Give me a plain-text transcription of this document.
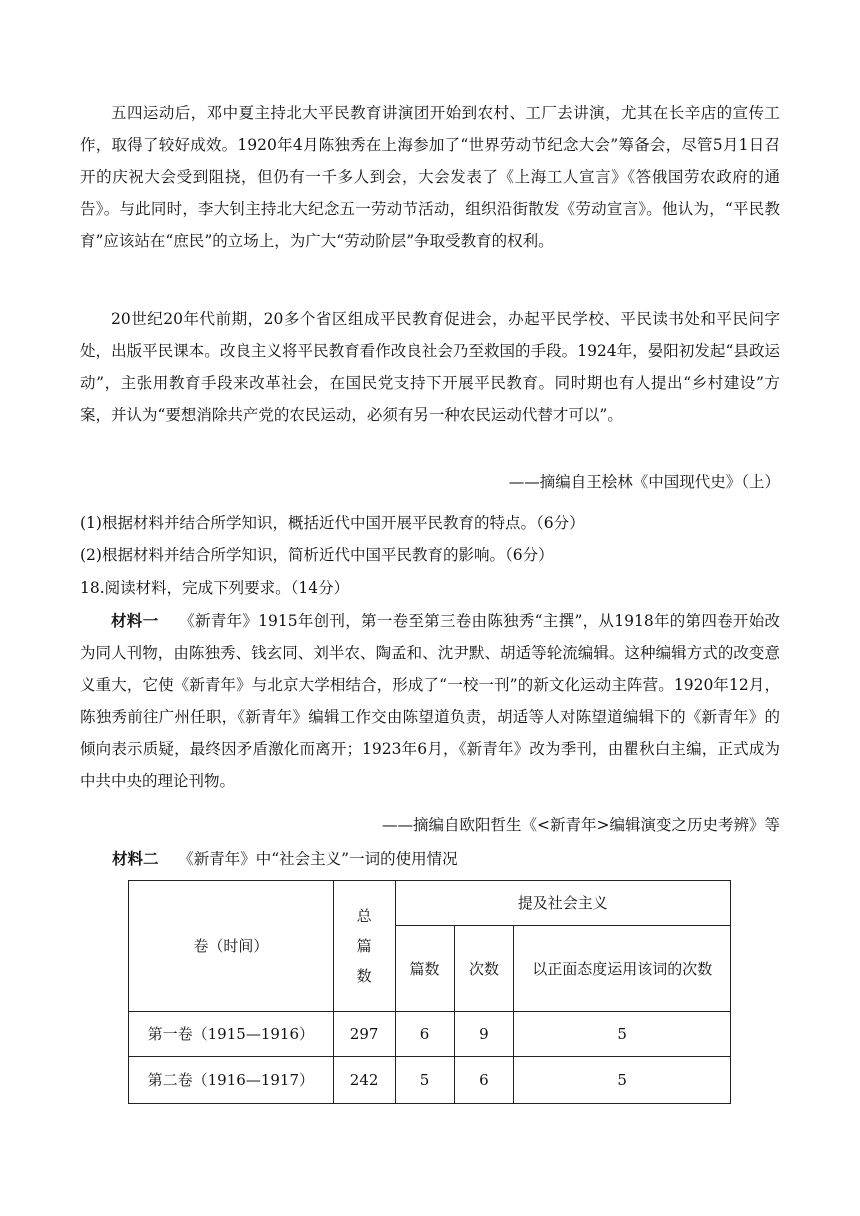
五四运动后，邓中夏主持北大平民教育讲演团开始到农村、工厂去讲演，尤其在长辛店的宣传工作，取得了较好成效。1920年4月陈独秀在上海参加了“世界劳动节纪念大会”筹备会，尽管5月1日召开的庆祝大会受到阻挠，但仍有一千多人到会，大会发表了《上海工人宣言》《答俄国劳农政府的通告》。与此同时，李大钊主持北大纪念五一劳动节活动，组织沿街散发《劳动宣言》。他认为，“平民教育”应该站在“庶民”的立场上，为广大“劳动阶层”争取受教育的权利。

20世纪20年代前期，20多个省区组成平民教育促进会，办起平民学校、平民读书处和平民问字处，出版平民课本。改良主义将平民教育看作改良社会乃至救国的手段。1924年，晏阳初发起“县政运动”，主张用教育手段来改革社会，在国民党支持下开展平民教育。同时期也有人提出“乡村建设”方案，并认为“要想消除共产党的农民运动，必须有另一种农民运动代替才可以”。

——摘编自王桧林《中国现代史》（上）

(1)根据材料并结合所学知识，概括近代中国开展平民教育的特点。（6分）

(2)根据材料并结合所学知识，简析近代中国平民教育的影响。（6分）

18.阅读材料，完成下列要求。（14分）

材料一 《新青年》1915年创刊，第一卷至第三卷由陈独秀“主撰”，从1918年的第四卷开始改为同人刊物，由陈独秀、钱玄同、刘半农、陶孟和、沈尹默、胡适等轮流编辑。这种编辑方式的改变意义重大，它使《新青年》与北京大学相结合，形成了“一校一刊”的新文化运动主阵营。1920年12月，陈独秀前往广州任职，《新青年》编辑工作交由陈望道负责，胡适等人对陈望道编辑下的《新青年》的倾向表示质疑，最终因矛盾激化而离开；1923年6月，《新青年》改为季刊，由瞿秋白主编，正式成为中共中央的理论刊物。

——摘编自欧阳哲生《<新青年>编辑演变之历史考辨》等

材料二 《新青年》中“社会主义”一词的使用情况

卷（时间）	总篇数	提及社会主义		
		篇数	次数	以正面态度运用该词的次数
第一卷（1915—1916）	297	6	9	5
第二卷（1916—1917）	242	5	6	5
